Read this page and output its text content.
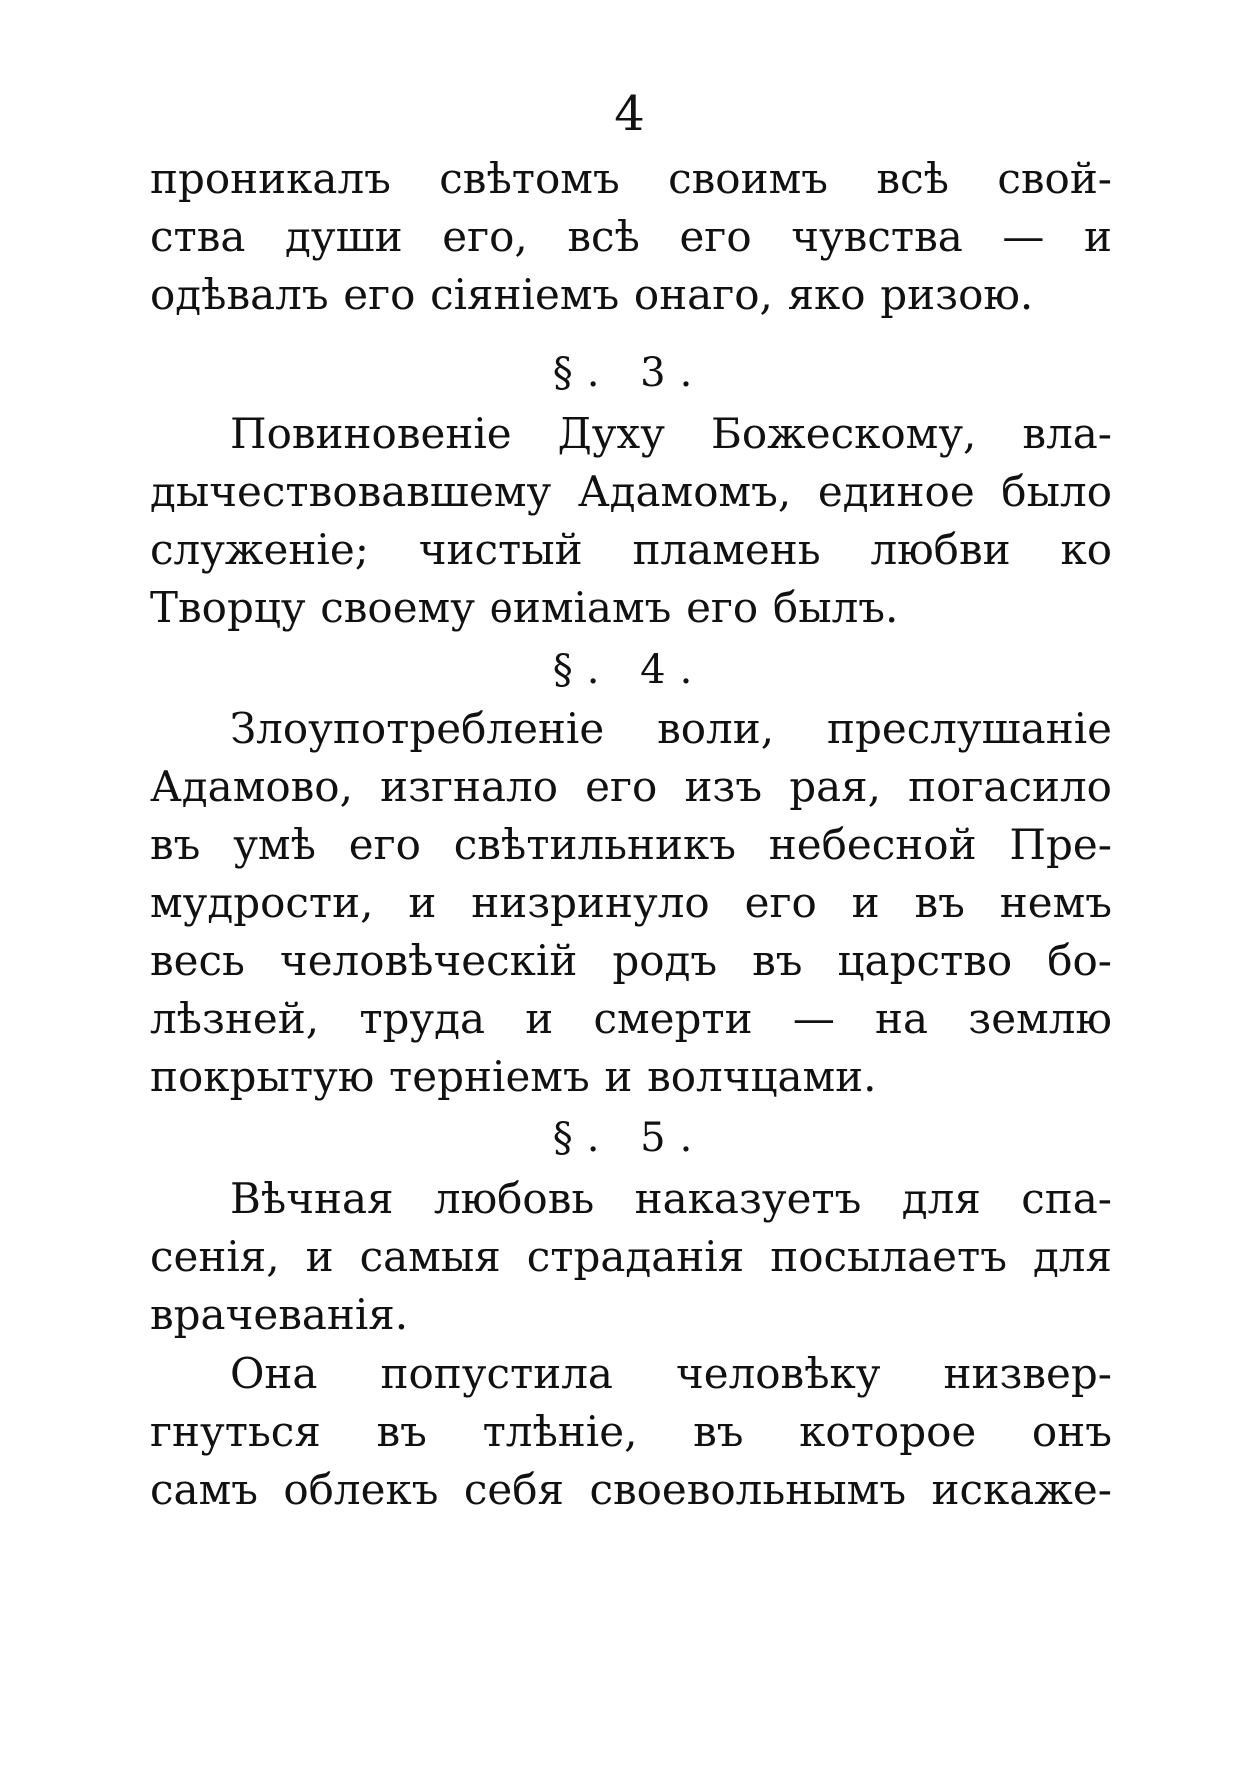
4
проникалъ свѣтомъ своимъ всѣ свой-
ства души его, всѣ его чувства — и
одѣвалъ его сіяніемъ онаго, яко ризою.
§. 3.
Повиновеніе Духу Божескому, вла-
дычествовавшему Адамомъ, единое было
служеніе; чистый пламень любви ко
Творцу своему ѳиміамъ его былъ.
§. 4.
Злоупотребленіе воли, преслушаніе
Адамово, изгнало его изъ рая, погасило
въ умѣ его свѣтильникъ небесной Пре-
мудрости, и низринуло его и въ немъ
весь человѣческій родъ въ царство бо-
лѣзней, труда и смерти — на землю
покрытую терніемъ и волчцами.
§. 5.
Вѣчная любовь наказуетъ для спа-
сенія, и самыя страданія посылаетъ для
врачеванія.
Она попустила человѣку низвер-
гнуться въ тлѣніе, въ которое онъ
самъ облекъ себя своевольнымъ искаже-
